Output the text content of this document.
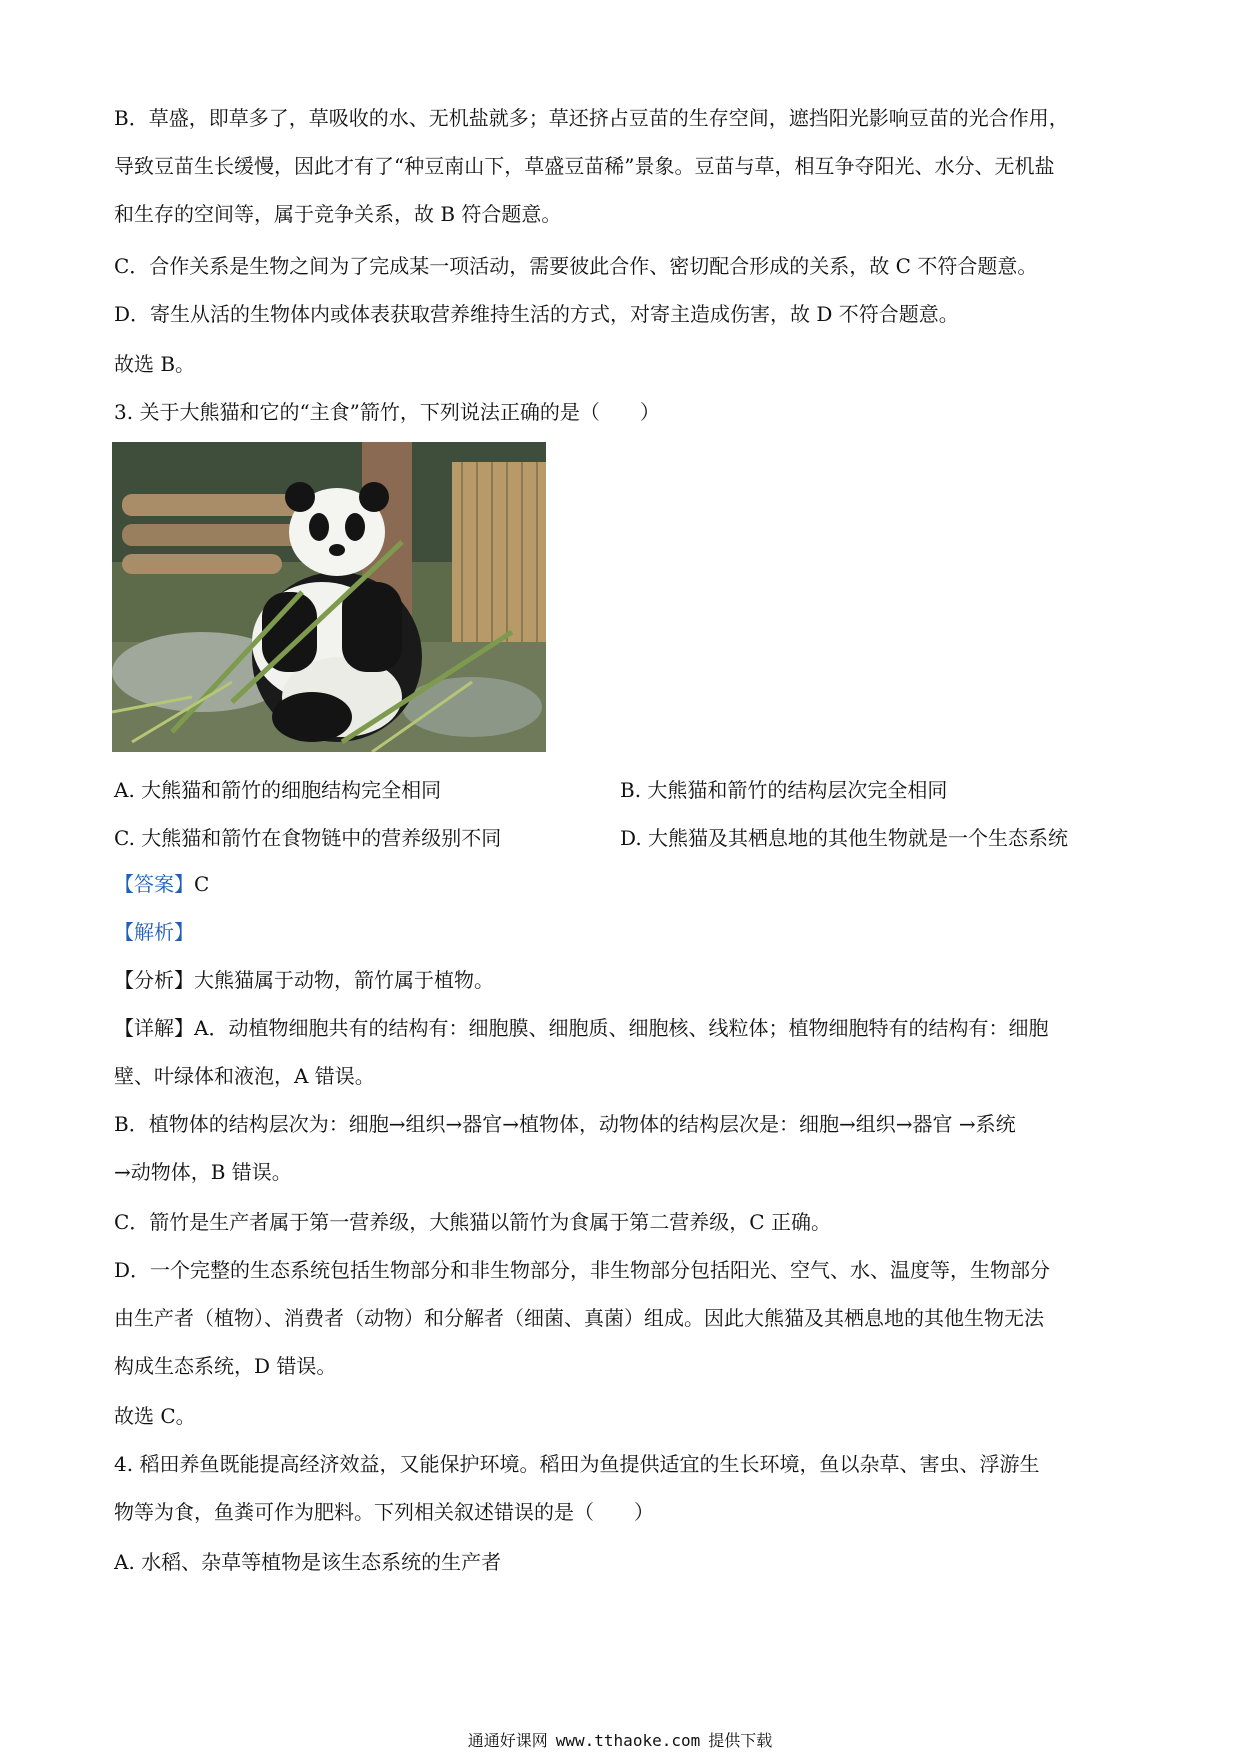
B．草盛，即草多了，草吸收的水、无机盐就多；草还挤占豆苗的生存空间，遮挡阳光影响豆苗的光合作用，
导致豆苗生长缓慢，因此才有了“种豆南山下，草盛豆苗稀”景象。豆苗与草，相互争夺阳光、水分、无机盐
和生存的空间等，属于竞争关系，故 B 符合题意。
C．合作关系是生物之间为了完成某一项活动，需要彼此合作、密切配合形成的关系，故 C 不符合题意。
D．寄生从活的生物体内或体表获取营养维持生活的方式，对寄主造成伤害，故 D 不符合题意。
故选 B。
3. 关于大熊猫和它的“主食”箭竹，下列说法正确的是（　　）
A. 大熊猫和箭竹的细胞结构完全相同	B. 大熊猫和箭竹的结构层次完全相同
C. 大熊猫和箭竹在食物链中的营养级别不同	D. 大熊猫及其栖息地的其他生物就是一个生态系统
【答案】C
【解析】
【分析】大熊猫属于动物，箭竹属于植物。
【详解】A．动植物细胞共有的结构有：细胞膜、细胞质、细胞核、线粒体；植物细胞特有的结构有：细胞
壁、叶绿体和液泡，A 错误。
B．植物体的结构层次为：细胞→组织→器官→植物体，动物体的结构层次是：细胞→组织→器官 →系统
→动物体，B 错误。
C．箭竹是生产者属于第一营养级，大熊猫以箭竹为食属于第二营养级，C 正确。
D．一个完整的生态系统包括生物部分和非生物部分，非生物部分包括阳光、空气、水、温度等，生物部分
由生产者（植物）、消费者（动物）和分解者（细菌、真菌）组成。因此大熊猫及其栖息地的其他生物无法
构成生态系统，D 错误。
故选 C。
4. 稻田养鱼既能提高经济效益，又能保护环境。稻田为鱼提供适宜的生长环境，鱼以杂草、害虫、浮游生
物等为食，鱼粪可作为肥料。下列相关叙述错误的是（　　）
A. 水稻、杂草等植物是该生态系统的生产者
通通好课网 www.tthaoke.com 提供下载
